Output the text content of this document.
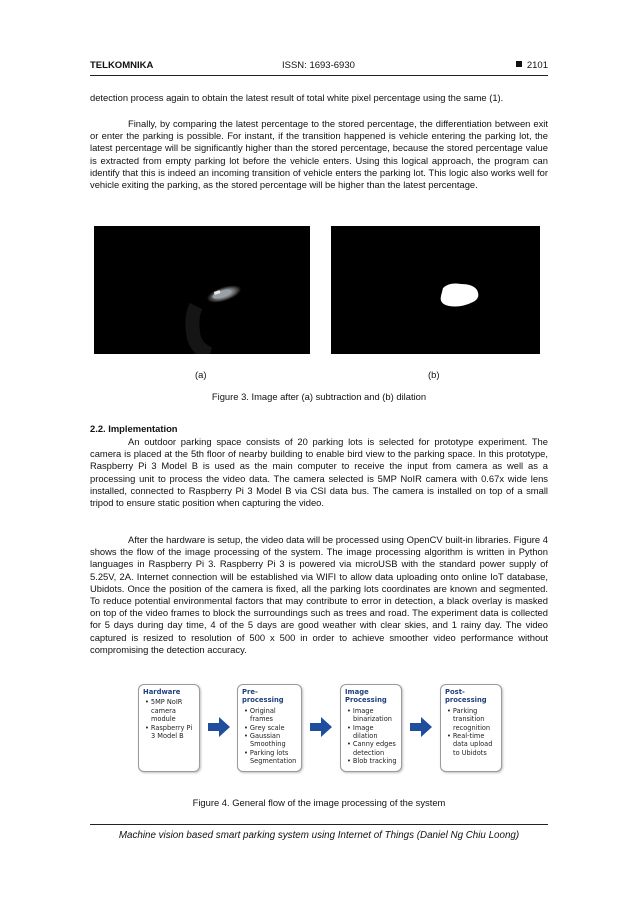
TELKOMNIKA	ISSN: 1693-6930	2101

detection process again to obtain the latest result of total white pixel percentage using the same (1).

Finally, by comparing the latest percentage to the stored percentage, the differentiation between exit or enter the parking is possible. For instant, if the transition happened is vehicle entering the parking lot, the latest percentage will be significantly higher than the stored percentage, because the stored percentage value is extracted from empty parking lot before the vehicle enters. Using this logical approach, the program can identify that this is indeed an incoming transition of vehicle enters the parking lot. This logic also works well for vehicle exiting the parking, as the stored percentage will be higher than the latest percentage.

(a)	(b)

Figure 3. Image after (a) subtraction and (b) dilation

2.2. Implementation

An outdoor parking space consists of 20 parking lots is selected for prototype experiment. The camera is placed at the 5th floor of nearby building to enable bird view to the parking space. In this prototype, Raspberry Pi 3 Model B is used as the main computer to receive the input from camera as well as a processing unit to process the video data. The camera selected is 5MP NoIR camera with 0.67x wide lens installed, connected to Raspberry Pi 3 Model B via CSI data bus. The camera is installed on top of a small tripod to ensure static position when capturing the video.

After the hardware is setup, the video data will be processed using OpenCV built-in libraries. Figure 4 shows the flow of the image processing of the system. The image processing algorithm is written in Python languages in Raspberry Pi 3. Raspberry Pi 3 is powered via microUSB with the standard power supply of 5.25V, 2A. Internet connection will be established via WIFI to allow data uploading onto online IoT database, Ubidots. Once the position of the camera is fixed, all the parking lots coordinates are known and segmented. To reduce potential environmental factors that may contribute to error in detection, a black overlay is masked on top of the video frames to block the surroundings such as trees and road. The experiment data is collected for 5 days during day time, 4 of the 5 days are good weather with clear skies, and 1 rainy day. The video captured is resized to resolution of 500 x 500 in order to achieve smoother video performance without compromising the detection accuracy.

Hardware
• 5MP NoIR camera module
• Raspberry Pi 3 Model B
Pre-processing
• Original frames
• Grey scale
• Gaussian Smoothing
• Parking lots Segmentation
Image Processing
• Image binarization
• Image dilation
• Canny edges detection
• Blob tracking
Post-processing
• Parking transition recognition
• Real-time data upload to Ubidots

Figure 4. General flow of the image processing of the system

Machine vision based smart parking system using Internet of Things (Daniel Ng Chiu Loong)
